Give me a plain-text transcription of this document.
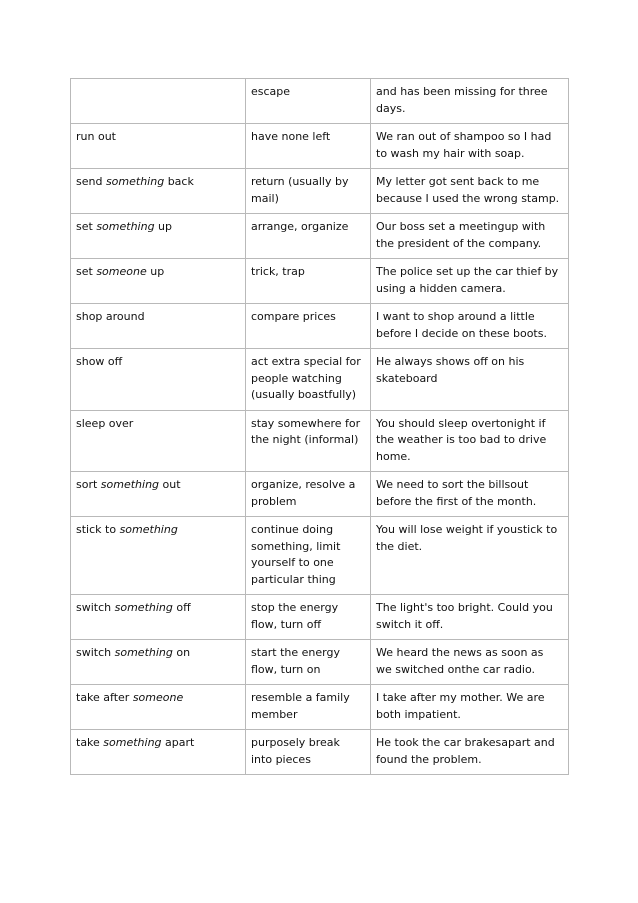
	escape	and has been missing for three days.
run out	have none left	We ran out of shampoo so I had to wash my hair with soap.
send something back	return (usually by mail)	My letter got sent back to me because I used the wrong stamp.
set something up	arrange, organize	Our boss set a meetingup with the president of the company.
set someone up	trick, trap	The police set up the car thief by using a hidden camera.
shop around	compare prices	I want to shop around a little before I decide on these boots.
show off	act extra special for people watching (usually boastfully)	He always shows off on his skateboard
sleep over	stay somewhere for the night (informal)	You should sleep overtonight if the weather is too bad to drive home.
sort something out	organize, resolve a problem	We need to sort the billsout before the first of the month.
stick to something	continue doing something, limit yourself to one particular thing	You will lose weight if youstick to the diet.
switch something off	stop the energy flow, turn off	The light's too bright. Could you switch it off.
switch something on	start the energy flow, turn on	We heard the news as soon as we switched onthe car radio.
take after someone	resemble a family member	I take after my mother. We are both impatient.
take something apart	purposely break into pieces	He took the car brakesapart and found the problem.
